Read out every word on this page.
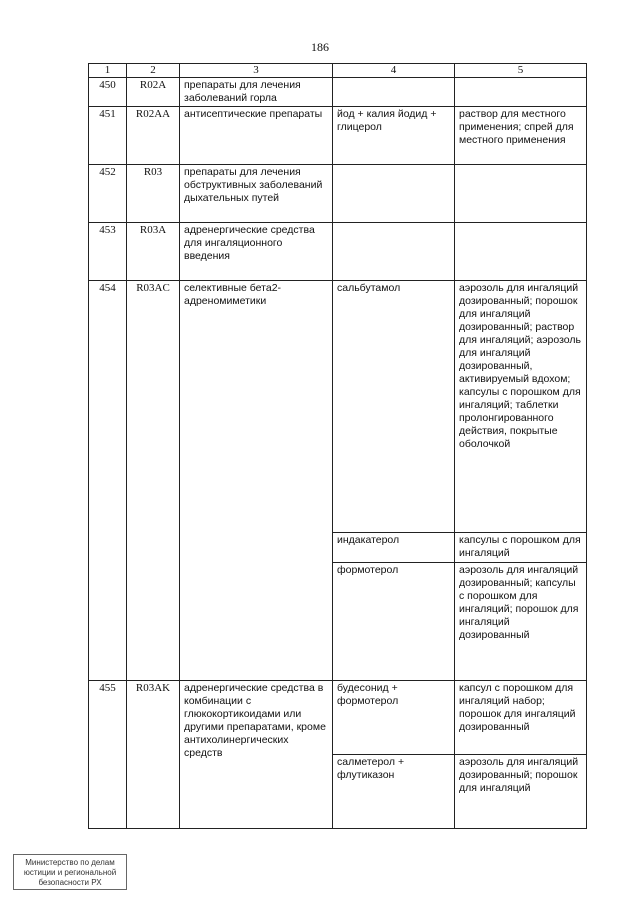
186
1	2	3	4	5
450	R02A	препараты для лечения заболеваний горла		
451	R02AA	антисептические препараты	йод + калия йодид + глицерол	раствор для местного применения; спрей для местного применения
452	R03	препараты для лечения обструктивных заболеваний дыхательных путей		
453	R03A	адренергические средства для ингаляционного введения		
454	R03AC	селективные бета2-адреномиметики	сальбутамол	аэрозоль для ингаляций дозированный; порошок для ингаляций дозированный; раствор для ингаляций; аэрозоль для ингаляций дозированный, активируемый вдохом; капсулы с порошком для ингаляций; таблетки пролонгированного действия, покрытые оболочкой
			индакатерол	капсулы с порошком для ингаляций
			формотерол	аэрозоль для ингаляций дозированный; капсулы с порошком для ингаляций; порошок для ингаляций дозированный
455	R03AK	адренергические средства в комбинации с глюкокортикоидами или другими препаратами, кроме антихолинергических средств	будесонид + формотерол	капсул с порошком для ингаляций набор; порошок для ингаляций дозированный
			салметерол + флутиказон	аэрозоль для ингаляций дозированный; порошок для ингаляций
Министерство по делам
юстиции и региональной
безопасности РХ
